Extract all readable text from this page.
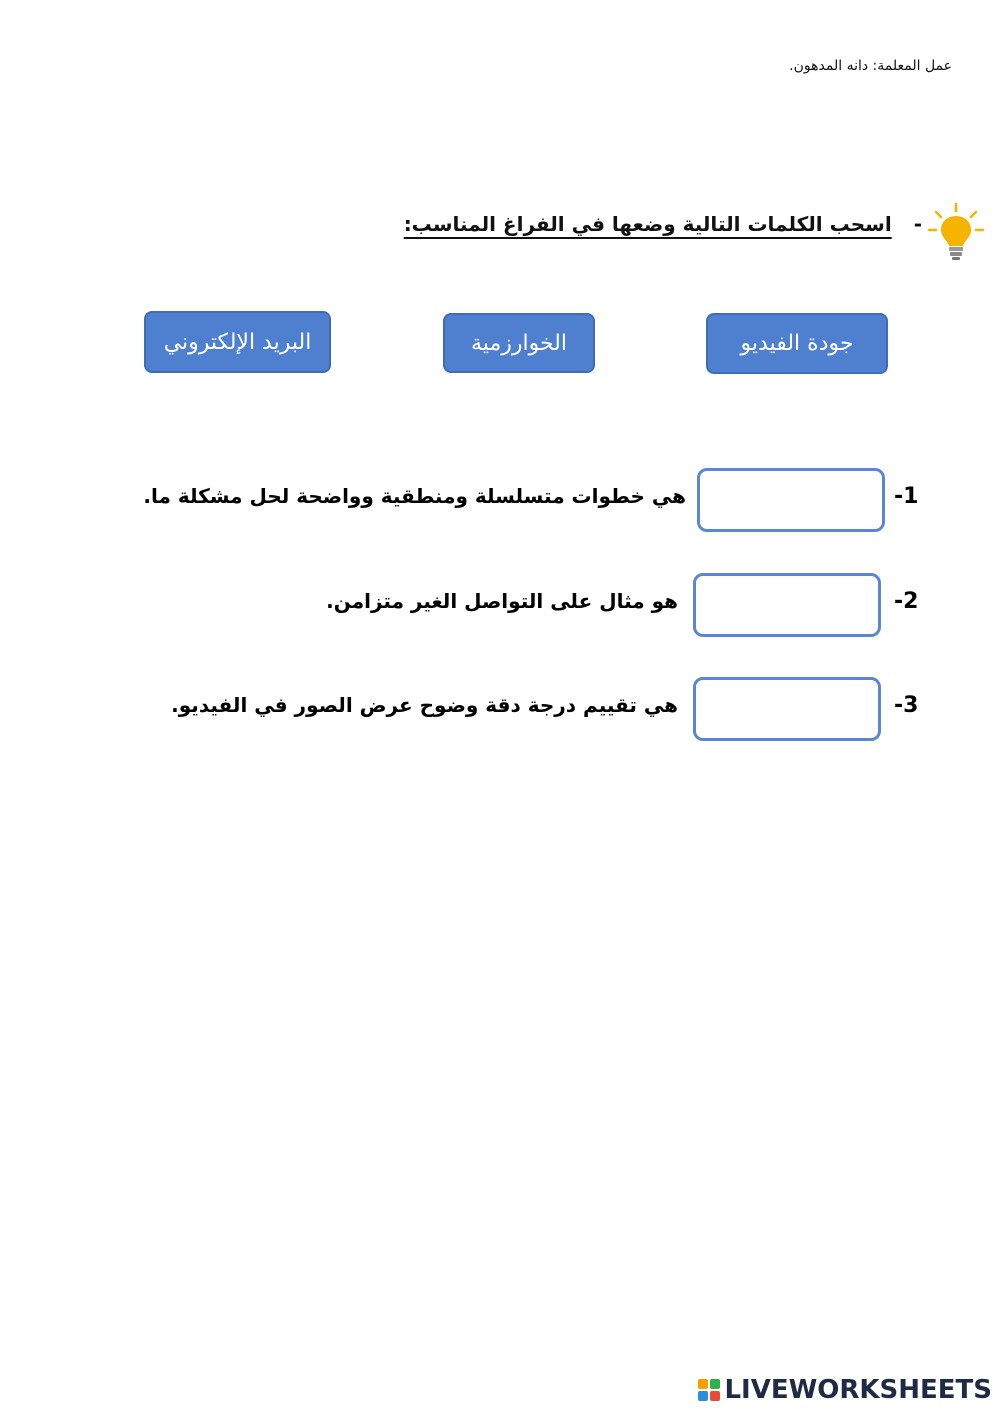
عمل المعلمة: دانه المدهون.
-اسحب الكلمات التالية وضعها في الفراغ المناسب:
جودة الفيديو
الخوارزمية
البريد الإلكتروني
-1
هي خطوات متسلسلة ومنطقية وواضحة لحل مشكلة ما.
-2
هو مثال على التواصل الغير متزامن.
-3
هي تقييم درجة دقة وضوح عرض الصور في الفيديو.
LIVEWORKSHEETS
